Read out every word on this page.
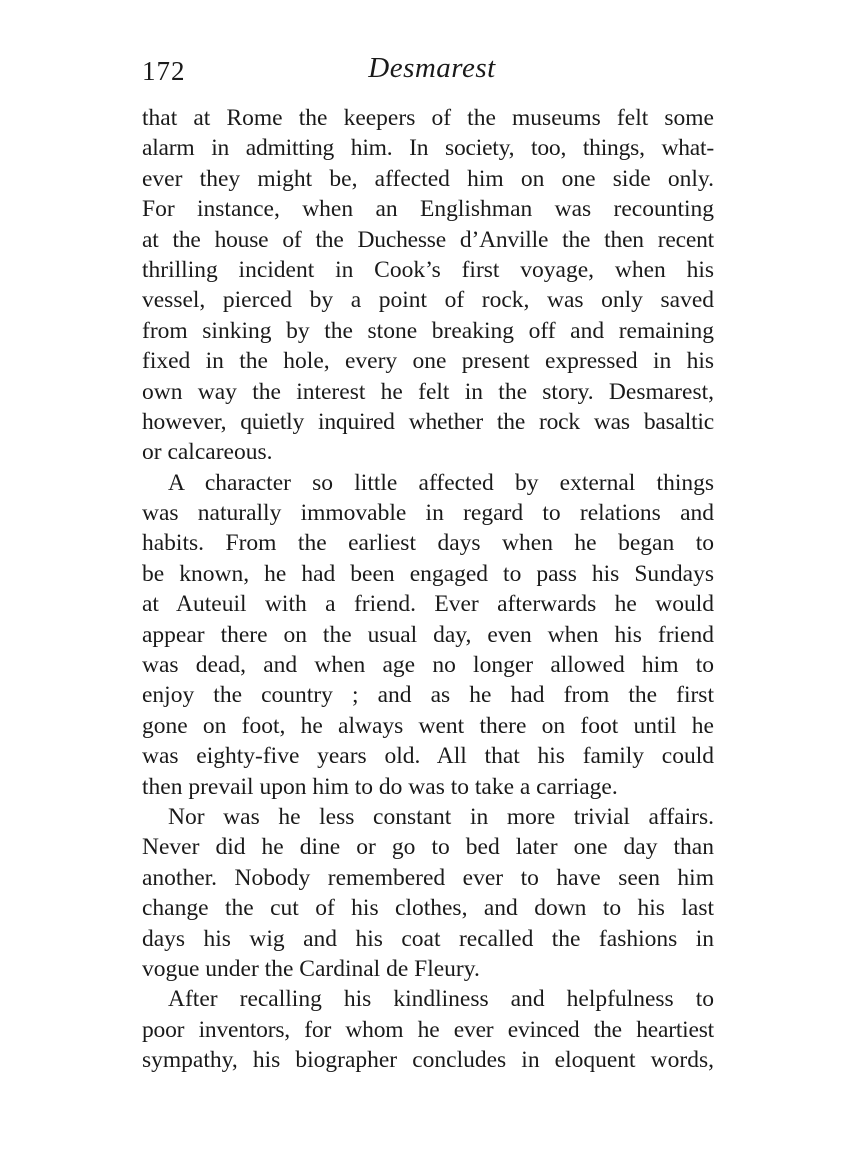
172	Desmarest
that at Rome the keepers of the museums felt some
alarm in admitting him. In society, too, things, what-
ever they might be, affected him on one side only.
For instance, when an Englishman was recounting
at the house of the Duchesse d’Anville the then recent
thrilling incident in Cook’s first voyage, when his
vessel, pierced by a point of rock, was only saved
from sinking by the stone breaking off and remaining
fixed in the hole, every one present expressed in his
own way the interest he felt in the story. Desmarest,
however, quietly inquired whether the rock was basaltic
or calcareous.
A character so little affected by external things
was naturally immovable in regard to relations and
habits. From the earliest days when he began to
be known, he had been engaged to pass his Sundays
at Auteuil with a friend. Ever afterwards he would
appear there on the usual day, even when his friend
was dead, and when age no longer allowed him to
enjoy the country ; and as he had from the first
gone on foot, he always went there on foot until he
was eighty-five years old. All that his family could
then prevail upon him to do was to take a carriage.
Nor was he less constant in more trivial affairs.
Never did he dine or go to bed later one day than
another. Nobody remembered ever to have seen him
change the cut of his clothes, and down to his last
days his wig and his coat recalled the fashions in
vogue under the Cardinal de Fleury.
After recalling his kindliness and helpfulness to
poor inventors, for whom he ever evinced the heartiest
sympathy, his biographer concludes in eloquent words,
